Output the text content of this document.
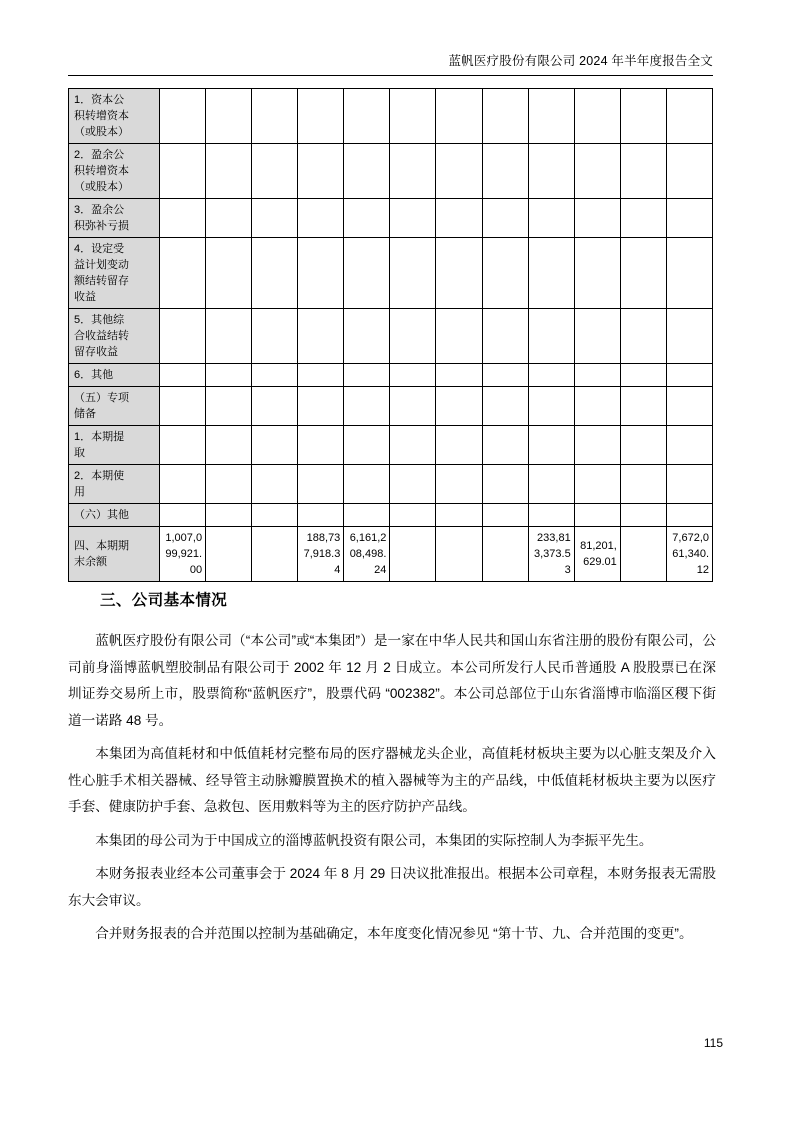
蓝帆医疗股份有限公司 2024 年半年度报告全文
1．资本公
积转增资本
（或股本）												

2．盈余公
积转增资本
（或股本）												

3．盈余公
积弥补亏损												

4．设定受
益计划变动
额结转留存
收益												

5．其他综
合收益结转
留存收益												

6．其他												

（五）专项
储备												

1．本期提
取												

2．本期使
用												

（六）其他												

四、本期期
末余额	1,007,099,921.00			188,737,918.34	6,161,208,498.24				233,813,373.53	81,201,629.01		7,672,061,340.12
三、公司基本情况

蓝帆医疗股份有限公司（“本公司”或“本集团”）是一家在中华人民共和国山东省注册的股份有限公司，公司前身淄博蓝帆塑胶制品有限公司于 2002 年 12 月 2 日成立。本公司所发行人民币普通股 A 股股票已在深圳证券交易所上市，股票简称“蓝帆医疗”，股票代码 “002382”。本公司总部位于山东省淄博市临淄区稷下街道一诺路 48 号。

本集团为高值耗材和中低值耗材完整布局的医疗器械龙头企业，高值耗材板块主要为以心脏支架及介入性心脏手术相关器械、经导管主动脉瓣膜置换术的植入器械等为主的产品线，中低值耗材板块主要为以医疗手套、健康防护手套、急救包、医用敷料等为主的医疗防护产品线。

本集团的母公司为于中国成立的淄博蓝帆投资有限公司，本集团的实际控制人为李振平先生。

本财务报表业经本公司董事会于 2024 年 8 月 29 日决议批准报出。根据本公司章程，本财务报表无需股东大会审议。

合并财务报表的合并范围以控制为基础确定，本年度变化情况参见 “第十节、九、合并范围的变更”。

115
